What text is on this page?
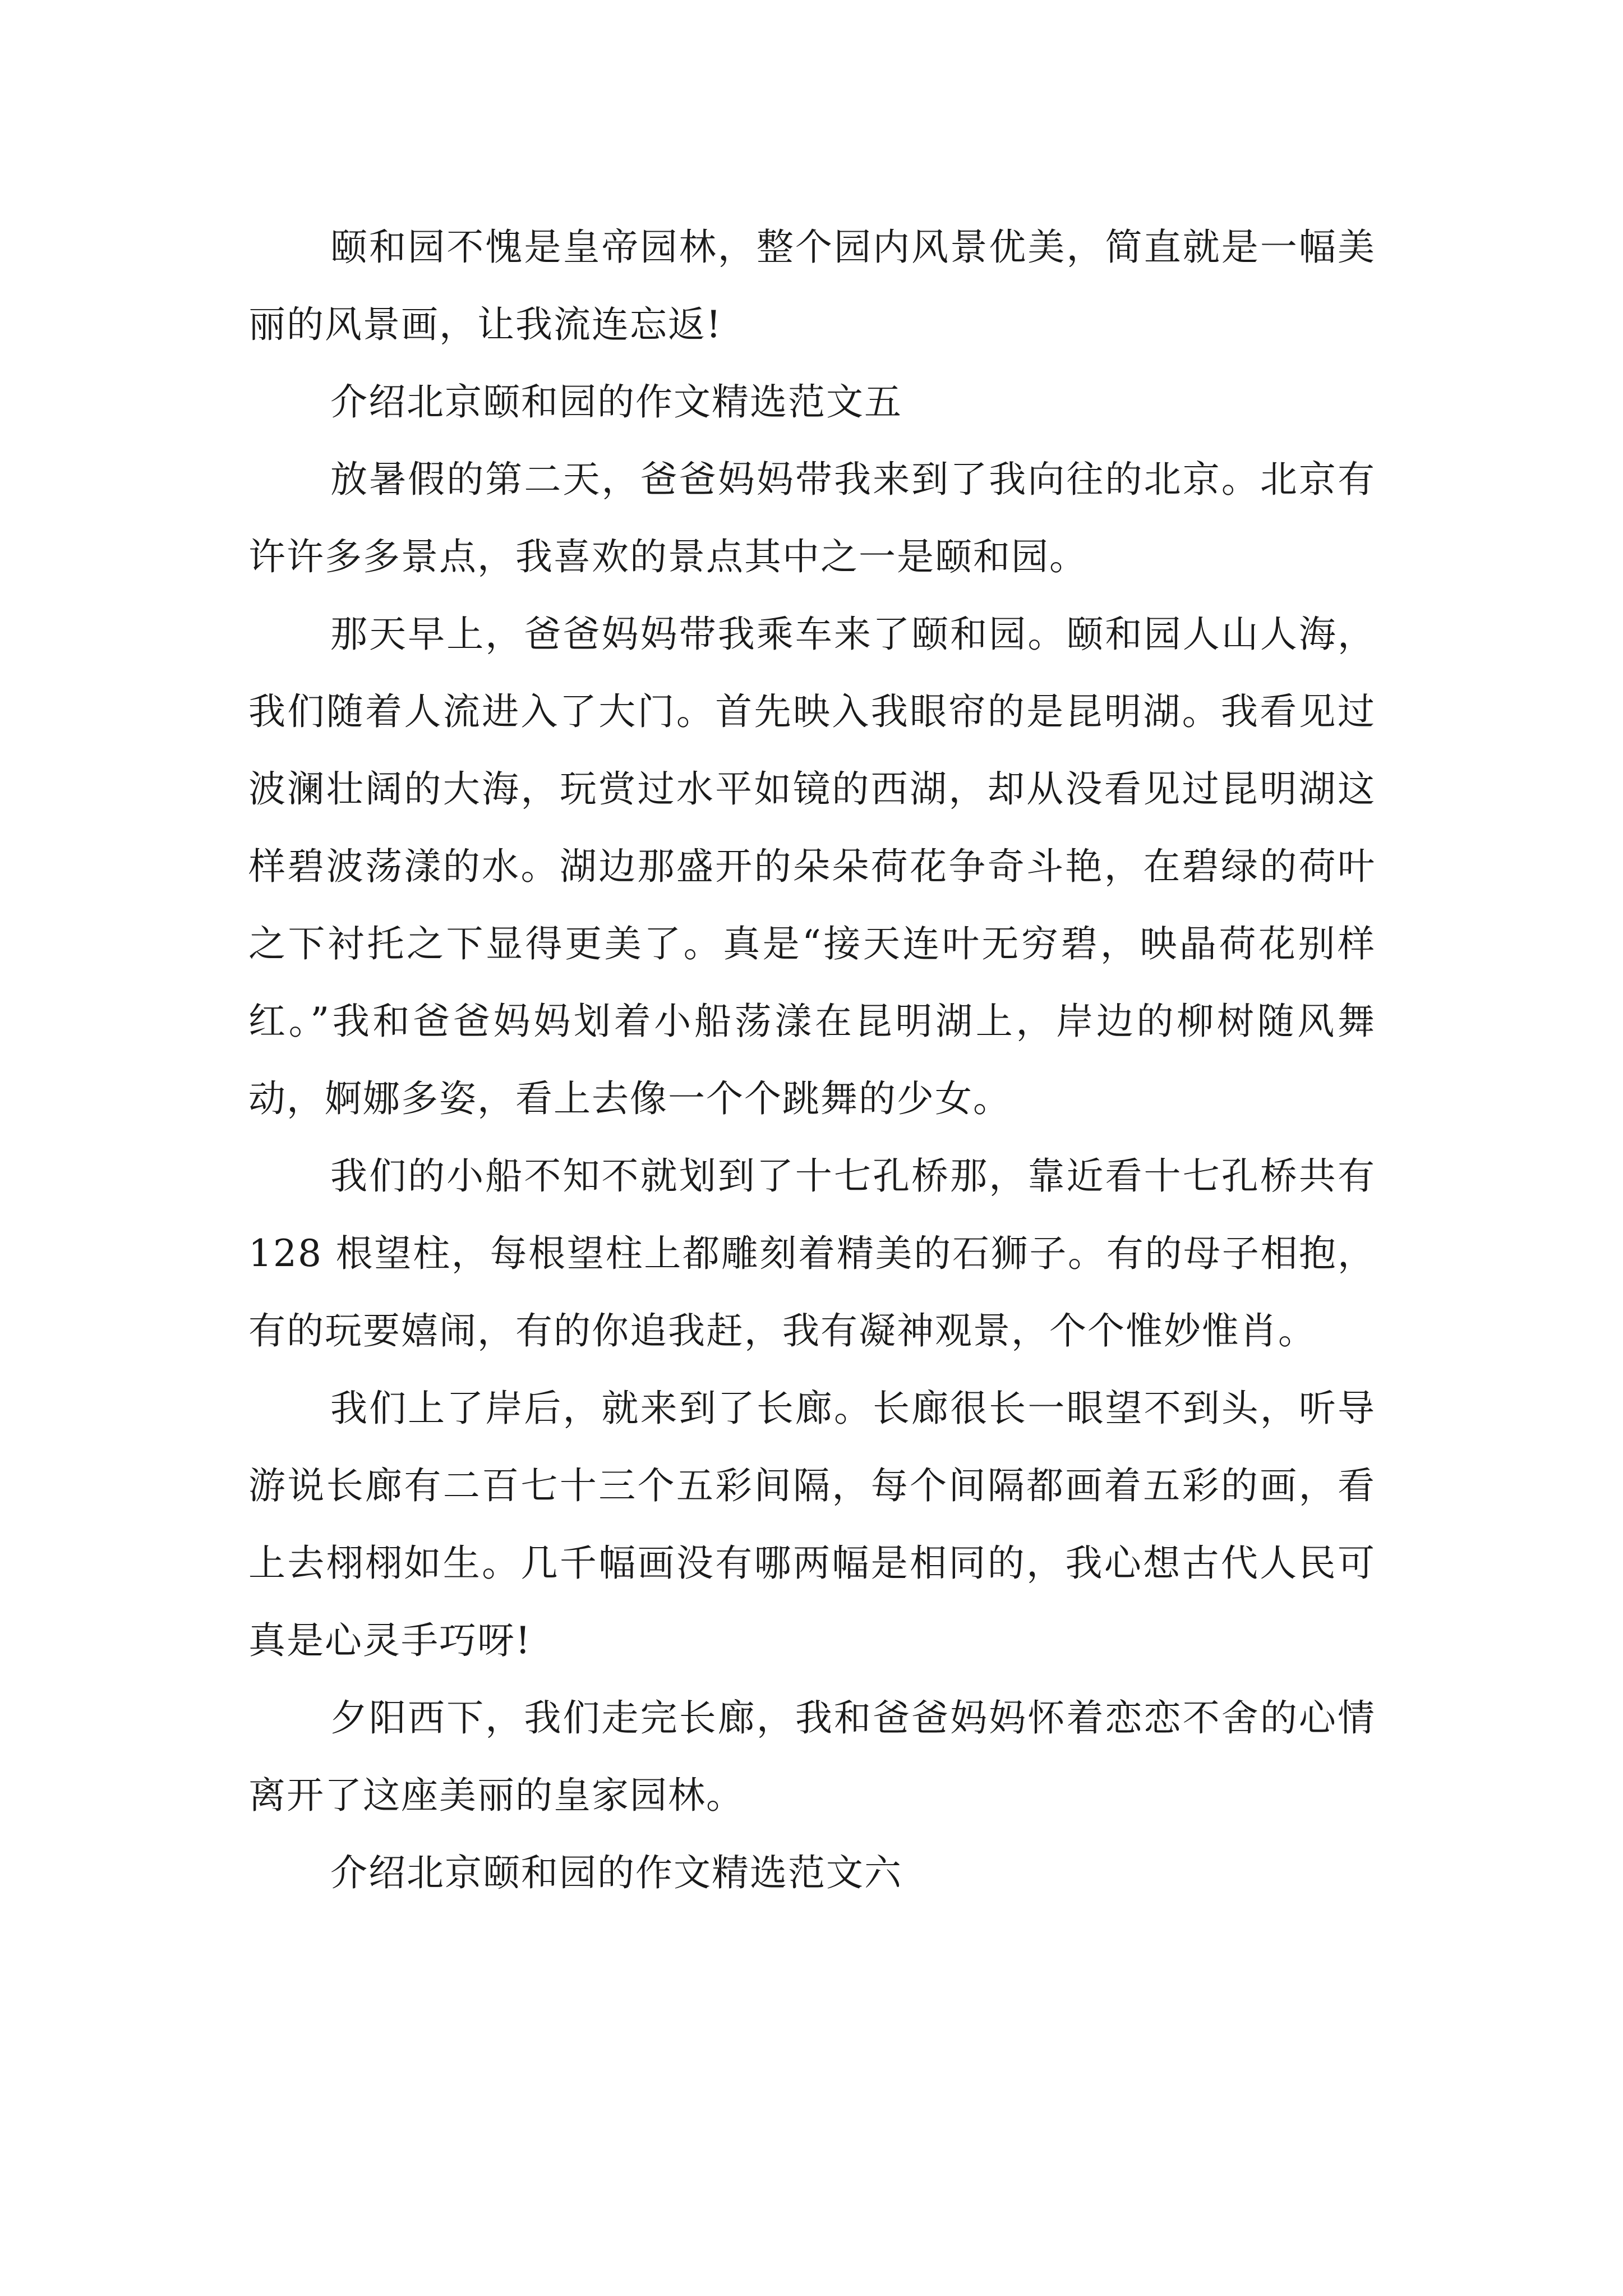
颐和园不愧是皇帝园林，整个园内风景优美，简直就是一幅美丽的风景画，让我流连忘返!

介绍北京颐和园的作文精选范文五

放暑假的第二天，爸爸妈妈带我来到了我向往的北京。北京有许许多多景点，我喜欢的景点其中之一是颐和园。

那天早上，爸爸妈妈带我乘车来了颐和园。颐和园人山人海，我们随着人流进入了大门。首先映入我眼帘的是昆明湖。我看见过波澜壮阔的大海，玩赏过水平如镜的西湖，却从没看见过昆明湖这样碧波荡漾的水。湖边那盛开的朵朵荷花争奇斗艳，在碧绿的荷叶之下衬托之下显得更美了。真是“接天连叶无穷碧，映晶荷花别样红。”我和爸爸妈妈划着小船荡漾在昆明湖上，岸边的柳树随风舞动，婀娜多姿，看上去像一个个跳舞的少女。

我们的小船不知不就划到了十七孔桥那，靠近看十七孔桥共有 128 根望柱，每根望柱上都雕刻着精美的石狮子。有的母子相抱，有的玩要嬉闹，有的你追我赶，我有凝神观景，个个惟妙惟肖。

我们上了岸后，就来到了长廊。长廊很长一眼望不到头，听导游说长廊有二百七十三个五彩间隔，每个间隔都画着五彩的画，看上去栩栩如生。几千幅画没有哪两幅是相同的，我心想古代人民可真是心灵手巧呀!

夕阳西下，我们走完长廊，我和爸爸妈妈怀着恋恋不舍的心情离开了这座美丽的皇家园林。

介绍北京颐和园的作文精选范文六
